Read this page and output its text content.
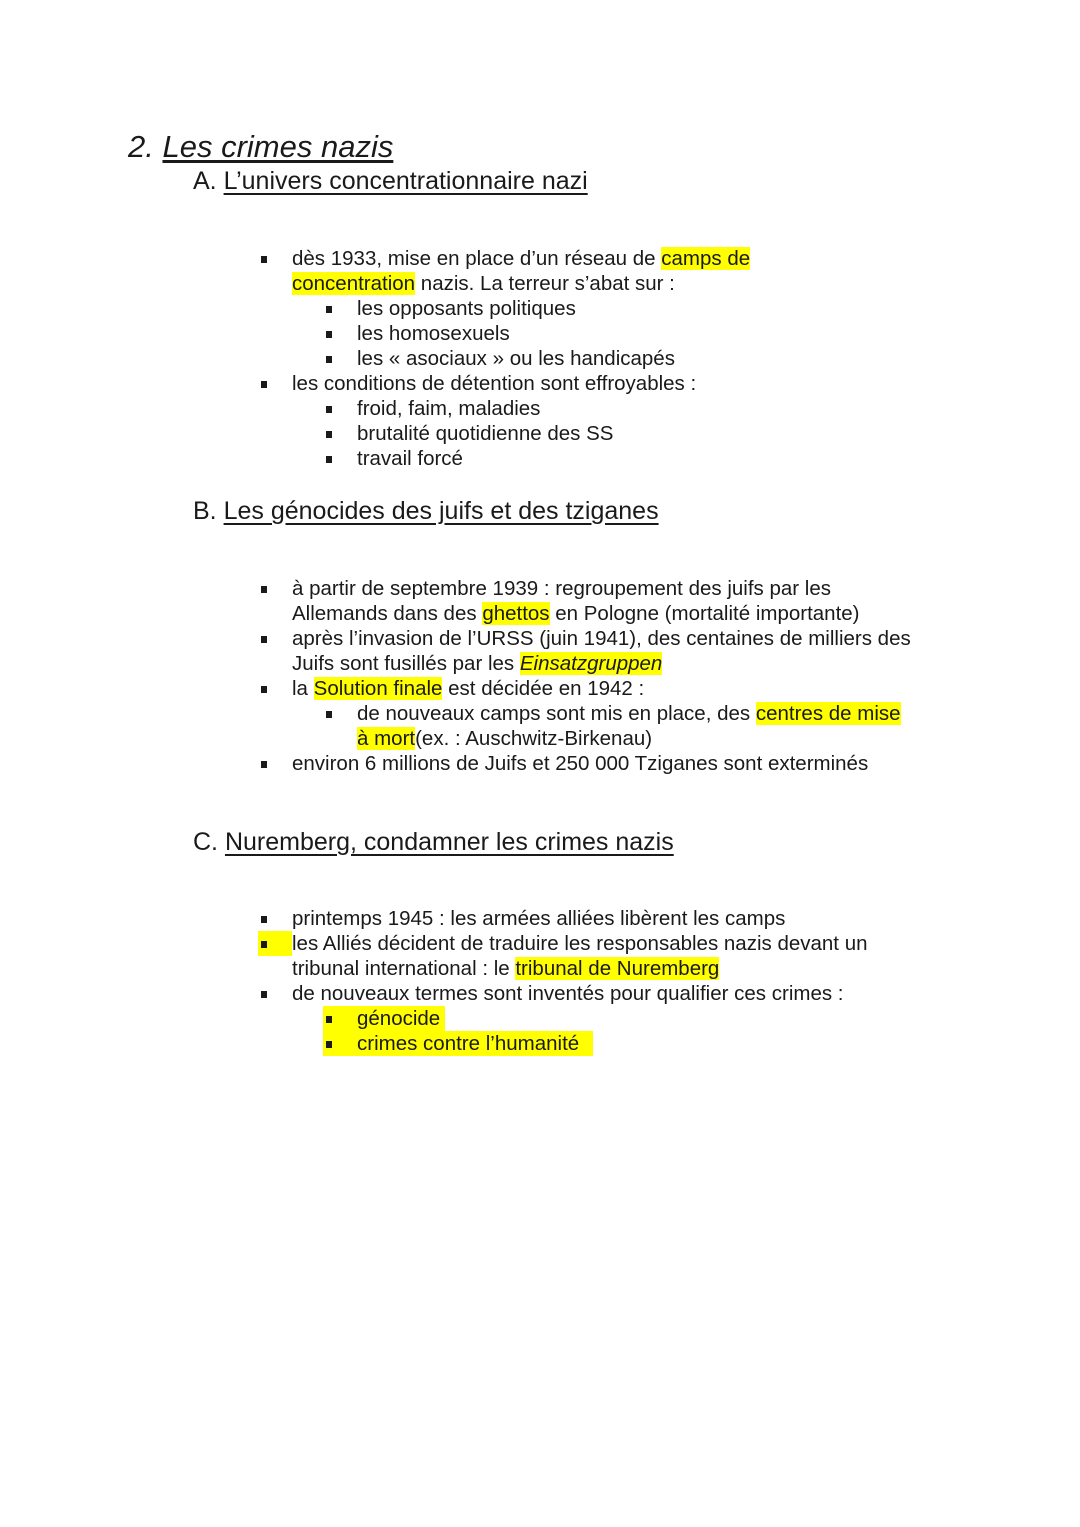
2. Les crimes nazis
A. L’univers concentrationnaire nazi
dès 1933, mise en place d’un réseau de camps de
concentration nazis. La terreur s’abat sur :
les opposants politiques
les homosexuels
les « asociaux » ou les handicapés
les conditions de détention sont effroyables :
froid, faim, maladies
brutalité quotidienne des SS
travail forcé
B. Les génocides des juifs et des tziganes
à partir de septembre 1939 : regroupement des juifs par les
Allemands dans des ghettos en Pologne (mortalité importante)
après l’invasion de l’URSS (juin 1941), des centaines de milliers des
Juifs sont fusillés par les Einsatzgruppen
la Solution finale est décidée en 1942 :
de nouveaux camps sont mis en place, des centres de mise
à mort(ex. : Auschwitz-Birkenau)
environ 6 millions de Juifs et 250 000 Tziganes sont exterminés
C. Nuremberg, condamner les crimes nazis
printemps 1945 : les armées alliées libèrent les camps
les Alliés décident de traduire les responsables nazis devant un
tribunal international : le tribunal de Nuremberg
de nouveaux termes sont inventés pour qualifier ces crimes :
génocide
crimes contre l’humanité
